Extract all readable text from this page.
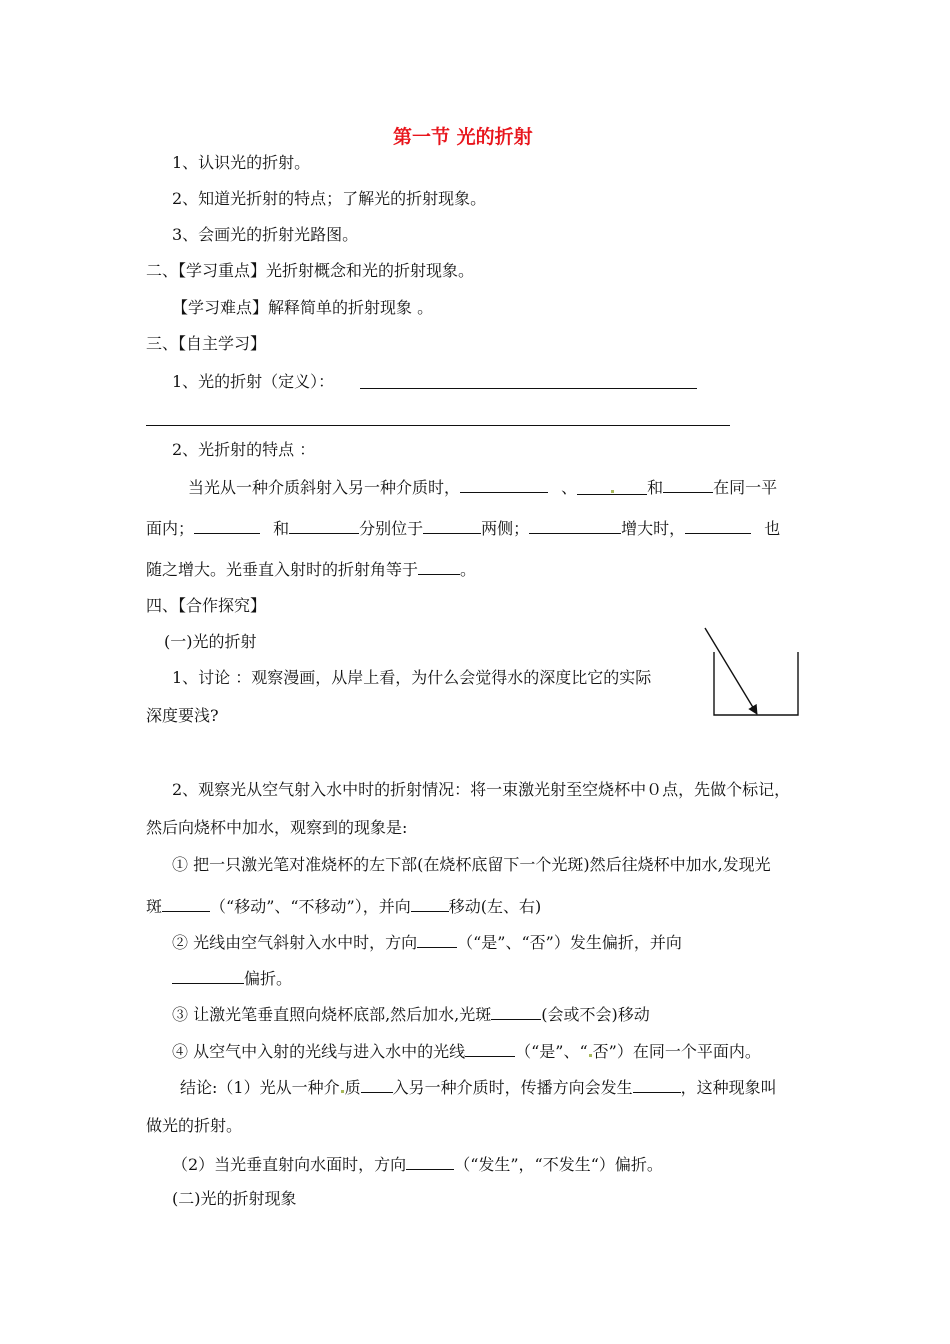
第一节 光的折射
1、认识光的折射。
2、知道光折射的特点；了解光的折射现象。
3、会画光的折射光路图。
二、【学习重点】光折射概念和光的折射现象。
【学习难点】解释简单的折射现象 。
三、【自主学习】
1、光的折射（定义）：
2、光折射的特点 ：
当光从一种介质斜射入另一种介质时，	、	和	在同一平
面内；	和	分别位于	两侧；	增大时，	也
随之增大。光垂直入射时的折射角等于	。
四、【合作探究】
(一)光的折射
1、讨论 ：观察漫画，从岸上看，为什么会觉得水的深度比它的实际
深度要浅?
2、观察光从空气射入水中时的折射情况：将一束激光射至空烧杯中０点，先做个标记，
然后向烧杯中加水，观察到的现象是:
① 把一只激光笔对准烧杯的左下部(在烧杯底留下一个光斑)然后往烧杯中加水,发现光
斑	（“移动”、“不移动”），并向 移动(左、右)
② 光线由空气斜射入水中时，方向	（“是”、“否”）发生偏折，并向
偏折。
③ 让激光笔垂直照向烧杯底部,然后加水,光斑	(会或不会)移动
④ 从空气中入射的光线与进入水中的光线	（“是”、“ 否”）在同一个平面内。
结论:（1）光从一种介 质 入另一种介质时，传播方向会发生	，这种现象叫
做光的折射。
（2）当光垂直射向水面时，方向	（“发生”，“不发生“）偏折。
(二)光的折射现象
